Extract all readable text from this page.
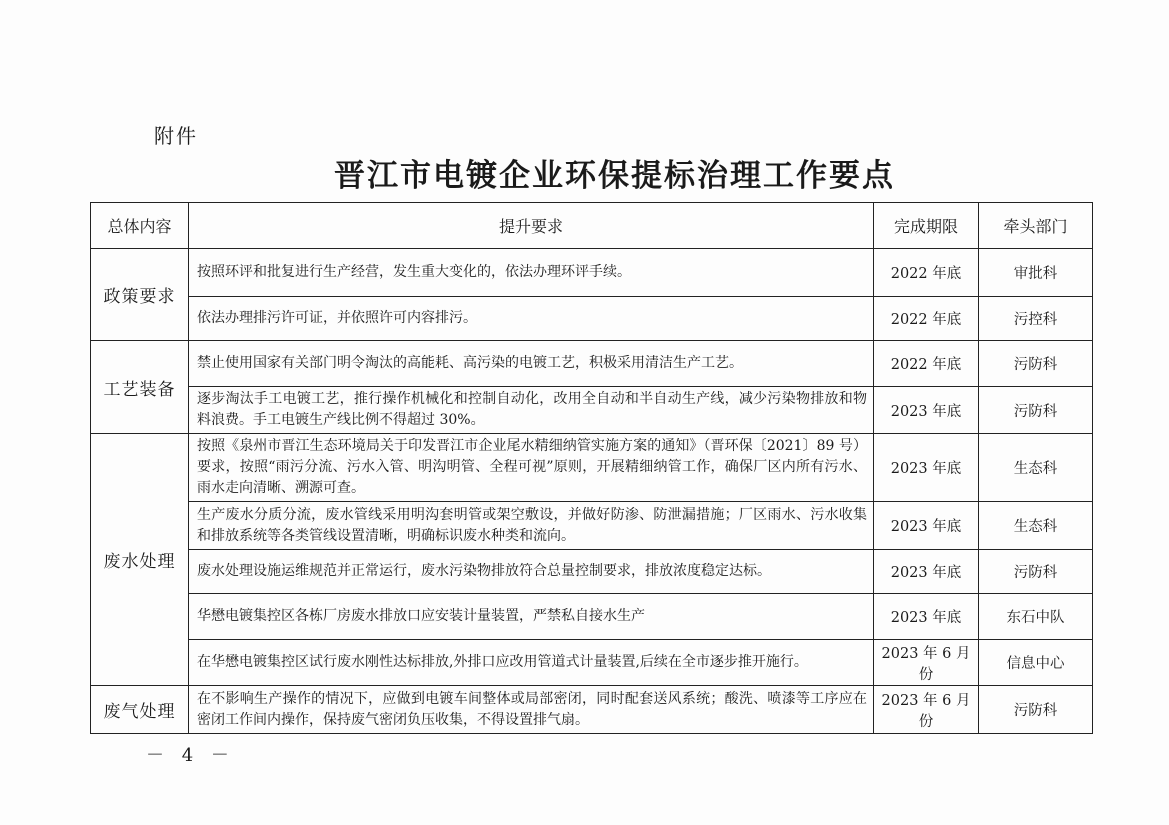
附件
晋江市电镀企业环保提标治理工作要点
总体内容	提升要求	完成期限	牵头部门
政策要求	按照环评和批复进行生产经营，发生重大变化的，依法办理环评手续。	2022 年底	审批科
	依法办理排污许可证，并依照许可内容排污。	2022 年底	污控科
工艺装备	禁止使用国家有关部门明令淘汰的高能耗、高污染的电镀工艺，积极采用清洁生产工艺。	2022 年底	污防科
	逐步淘汰手工电镀工艺，推行操作机械化和控制自动化，改用全自动和半自动生产线，减少污染物排放和物料浪费。手工电镀生产线比例不得超过 30%。	2023 年底	污防科
废水处理	按照《泉州市晋江生态环境局关于印发晋江市企业尾水精细纳管实施方案的通知》（晋环保〔2021〕89 号）要求，按照“雨污分流、污水入管、明沟明管、全程可视”原则，开展精细纳管工作，确保厂区内所有污水、雨水走向清晰、溯源可查。	2023 年底	生态科
	生产废水分质分流，废水管线采用明沟套明管或架空敷设，并做好防渗、防泄漏措施；厂区雨水、污水收集和排放系统等各类管线设置清晰，明确标识废水种类和流向。	2023 年底	生态科
	废水处理设施运维规范并正常运行，废水污染物排放符合总量控制要求，排放浓度稳定达标。	2023 年底	污防科
	华懋电镀集控区各栋厂房废水排放口应安装计量装置，严禁私自接水生产	2023 年底	东石中队
	在华懋电镀集控区试行废水刚性达标排放,外排口应改用管道式计量装置,后续在全市逐步推开施行。	2023 年 6 月份	信息中心
废气处理	在不影响生产操作的情况下，应做到电镀车间整体或局部密闭，同时配套送风系统；酸洗、喷漆等工序应在密闭工作间内操作，保持废气密闭负压收集，不得设置排气扇。	2023 年 6 月份	污防科
－ 4 －
